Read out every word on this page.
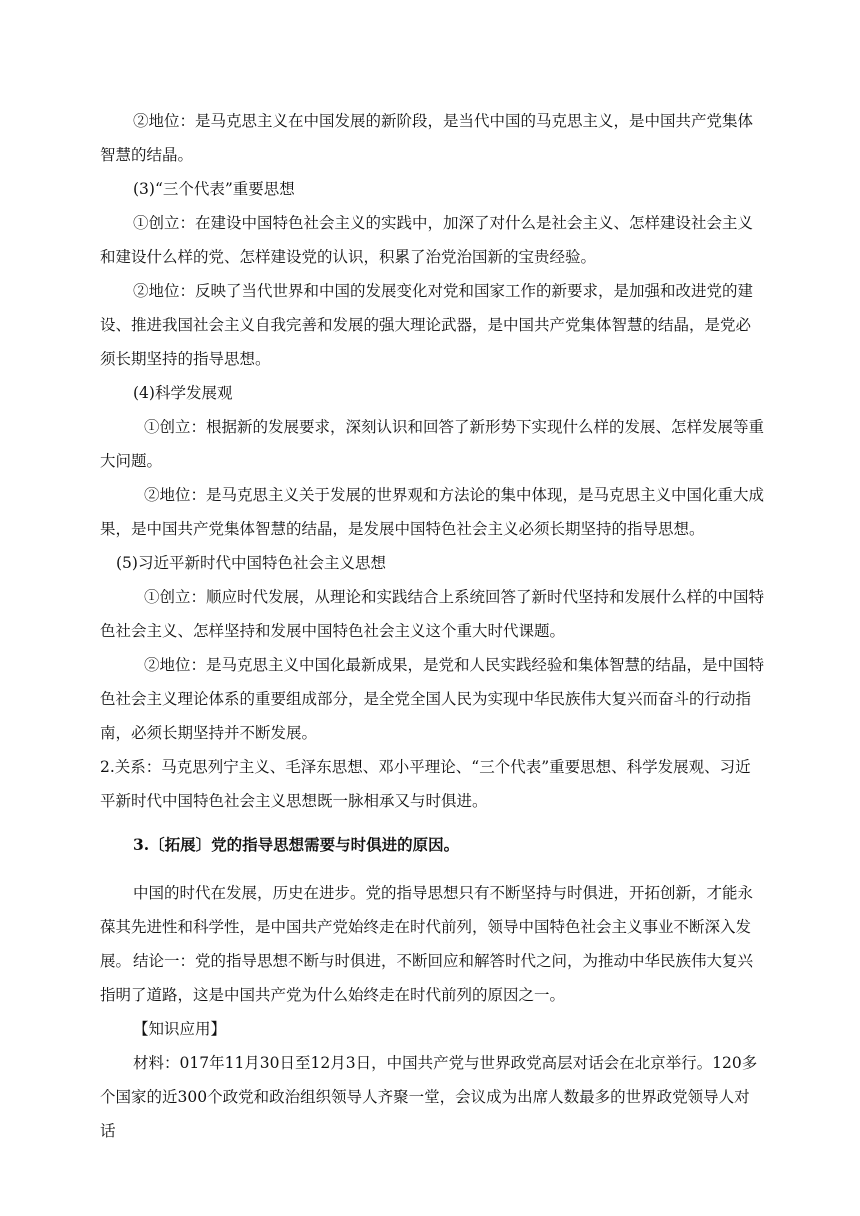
②地位：是马克思主义在中国发展的新阶段，是当代中国的马克思主义，是中国共产党集体智慧的结晶。

(3)“三个代表”重要思想

①创立：在建设中国特色社会主义的实践中，加深了对什么是社会主义、怎样建设社会主义和建设什么样的党、怎样建设党的认识，积累了治党治国新的宝贵经验。

②地位：反映了当代世界和中国的发展变化对党和国家工作的新要求，是加强和改进党的建设、推进我国社会主义自我完善和发展的强大理论武器，是中国共产党集体智慧的结晶，是党必须长期坚持的指导思想。

(4)科学发展观

①创立：根据新的发展要求，深刻认识和回答了新形势下实现什么样的发展、怎样发展等重大问题。

②地位：是马克思主义关于发展的世界观和方法论的集中体现，是马克思主义中国化重大成果，是中国共产党集体智慧的结晶，是发展中国特色社会主义必须长期坚持的指导思想。

(5)习近平新时代中国特色社会主义思想

①创立：顺应时代发展，从理论和实践结合上系统回答了新时代坚持和发展什么样的中国特色社会主义、怎样坚持和发展中国特色社会主义这个重大时代课题。

②地位：是马克思主义中国化最新成果，是党和人民实践经验和集体智慧的结晶，是中国特色社会主义理论体系的重要组成部分，是全党全国人民为实现中华民族伟大复兴而奋斗的行动指南，必须长期坚持并不断发展。

2.关系：马克思列宁主义、毛泽东思想、邓小平理论、“三个代表”重要思想、科学发展观、习近平新时代中国特色社会主义思想既一脉相承又与时俱进。

3.〔拓展〕党的指导思想需要与时俱进的原因。

中国的时代在发展，历史在进步。党的指导思想只有不断坚持与时俱进，开拓创新，才能永葆其先进性和科学性，是中国共产党始终走在时代前列，领导中国特色社会主义事业不断深入发展。 结论一：党的指导思想不断与时俱进，不断回应和解答时代之问，为推动中华民族伟大复兴指明了道路，这是中国共产党为什么始终走在时代前列的原因之一。

【知识应用】

材料：017年11月30日至12月3日，中国共产党与世界政党高层对话会在北京举行。120多个国家的近300个政党和政治组织领导人齐聚一堂，会议成为出席人数最多的世界政党领导人对话
